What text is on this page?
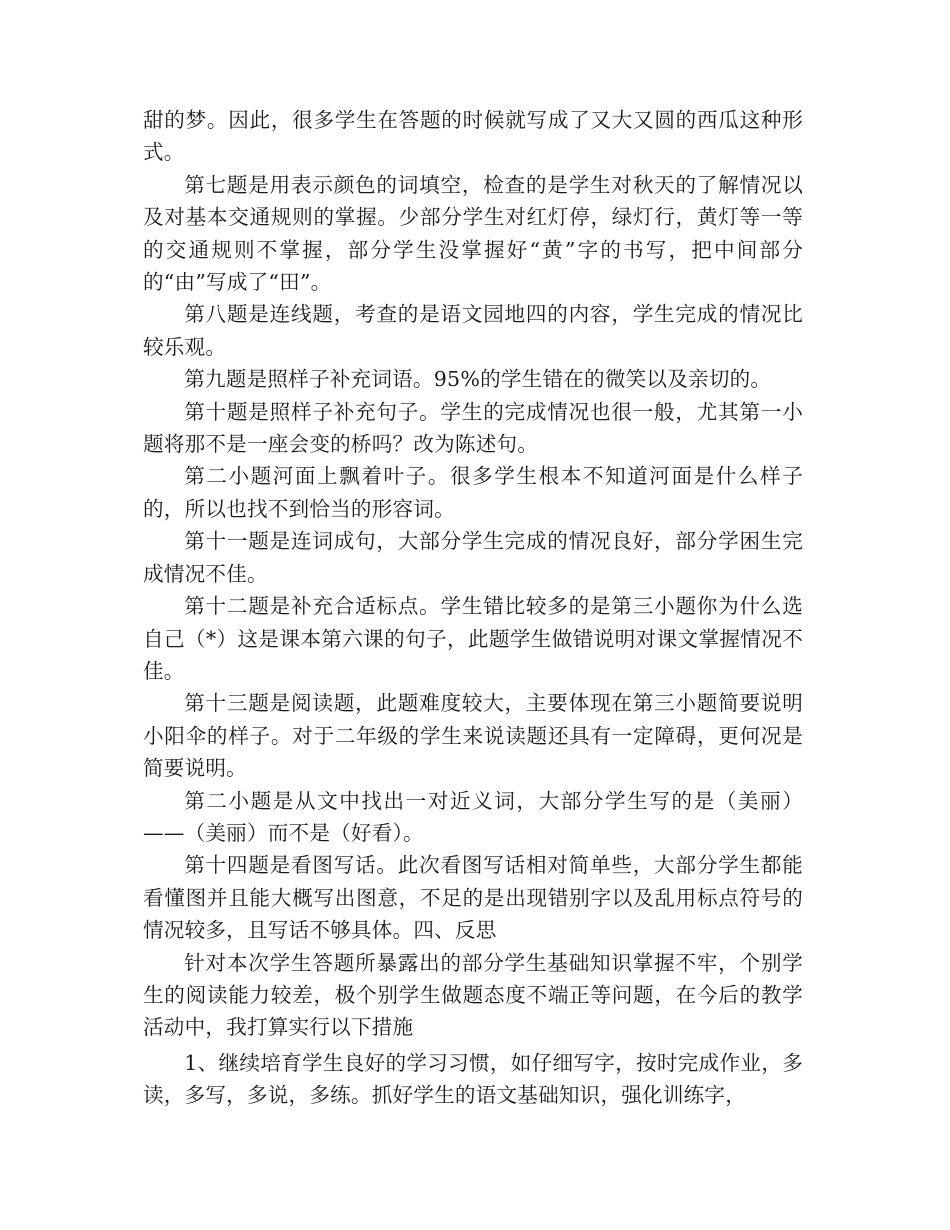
甜的梦。因此，很多学生在答题的时候就写成了又大又圆的西瓜这种形式。

第七题是用表示颜色的词填空，检查的是学生对秋天的了解情况以及对基本交通规则的掌握。少部分学生对红灯停，绿灯行，黄灯等一等的交通规则不掌握，部分学生没掌握好“黄”字的书写，把中间部分的“由”写成了“田”。

第八题是连线题，考查的是语文园地四的内容，学生完成的情况比较乐观。

第九题是照样子补充词语。95%的学生错在的微笑以及亲切的。

第十题是照样子补充句子。学生的完成情况也很一般，尤其第一小题将那不是一座会变的桥吗？改为陈述句。

第二小题河面上飘着叶子。很多学生根本不知道河面是什么样子的，所以也找不到恰当的形容词。

第十一题是连词成句，大部分学生完成的情况良好，部分学困生完成情况不佳。

第十二题是补充合适标点。学生错比较多的是第三小题你为什么选自己（*）这是课本第六课的句子，此题学生做错说明对课文掌握情况不佳。

第十三题是阅读题，此题难度较大，主要体现在第三小题简要说明小阳伞的样子。对于二年级的学生来说读题还具有一定障碍，更何况是简要说明。

第二小题是从文中找出一对近义词，大部分学生写的是（美丽）——（美丽）而不是（好看）。

第十四题是看图写话。此次看图写话相对简单些，大部分学生都能看懂图并且能大概写出图意，不足的是出现错别字以及乱用标点符号的情况较多，且写话不够具体。四、反思

针对本次学生答题所暴露出的部分学生基础知识掌握不牢，个别学生的阅读能力较差，极个别学生做题态度不端正等问题，在今后的教学活动中，我打算实行以下措施

1、继续培育学生良好的学习习惯，如仔细写字，按时完成作业，多读，多写，多说，多练。抓好学生的语文基础知识，强化训练字，
